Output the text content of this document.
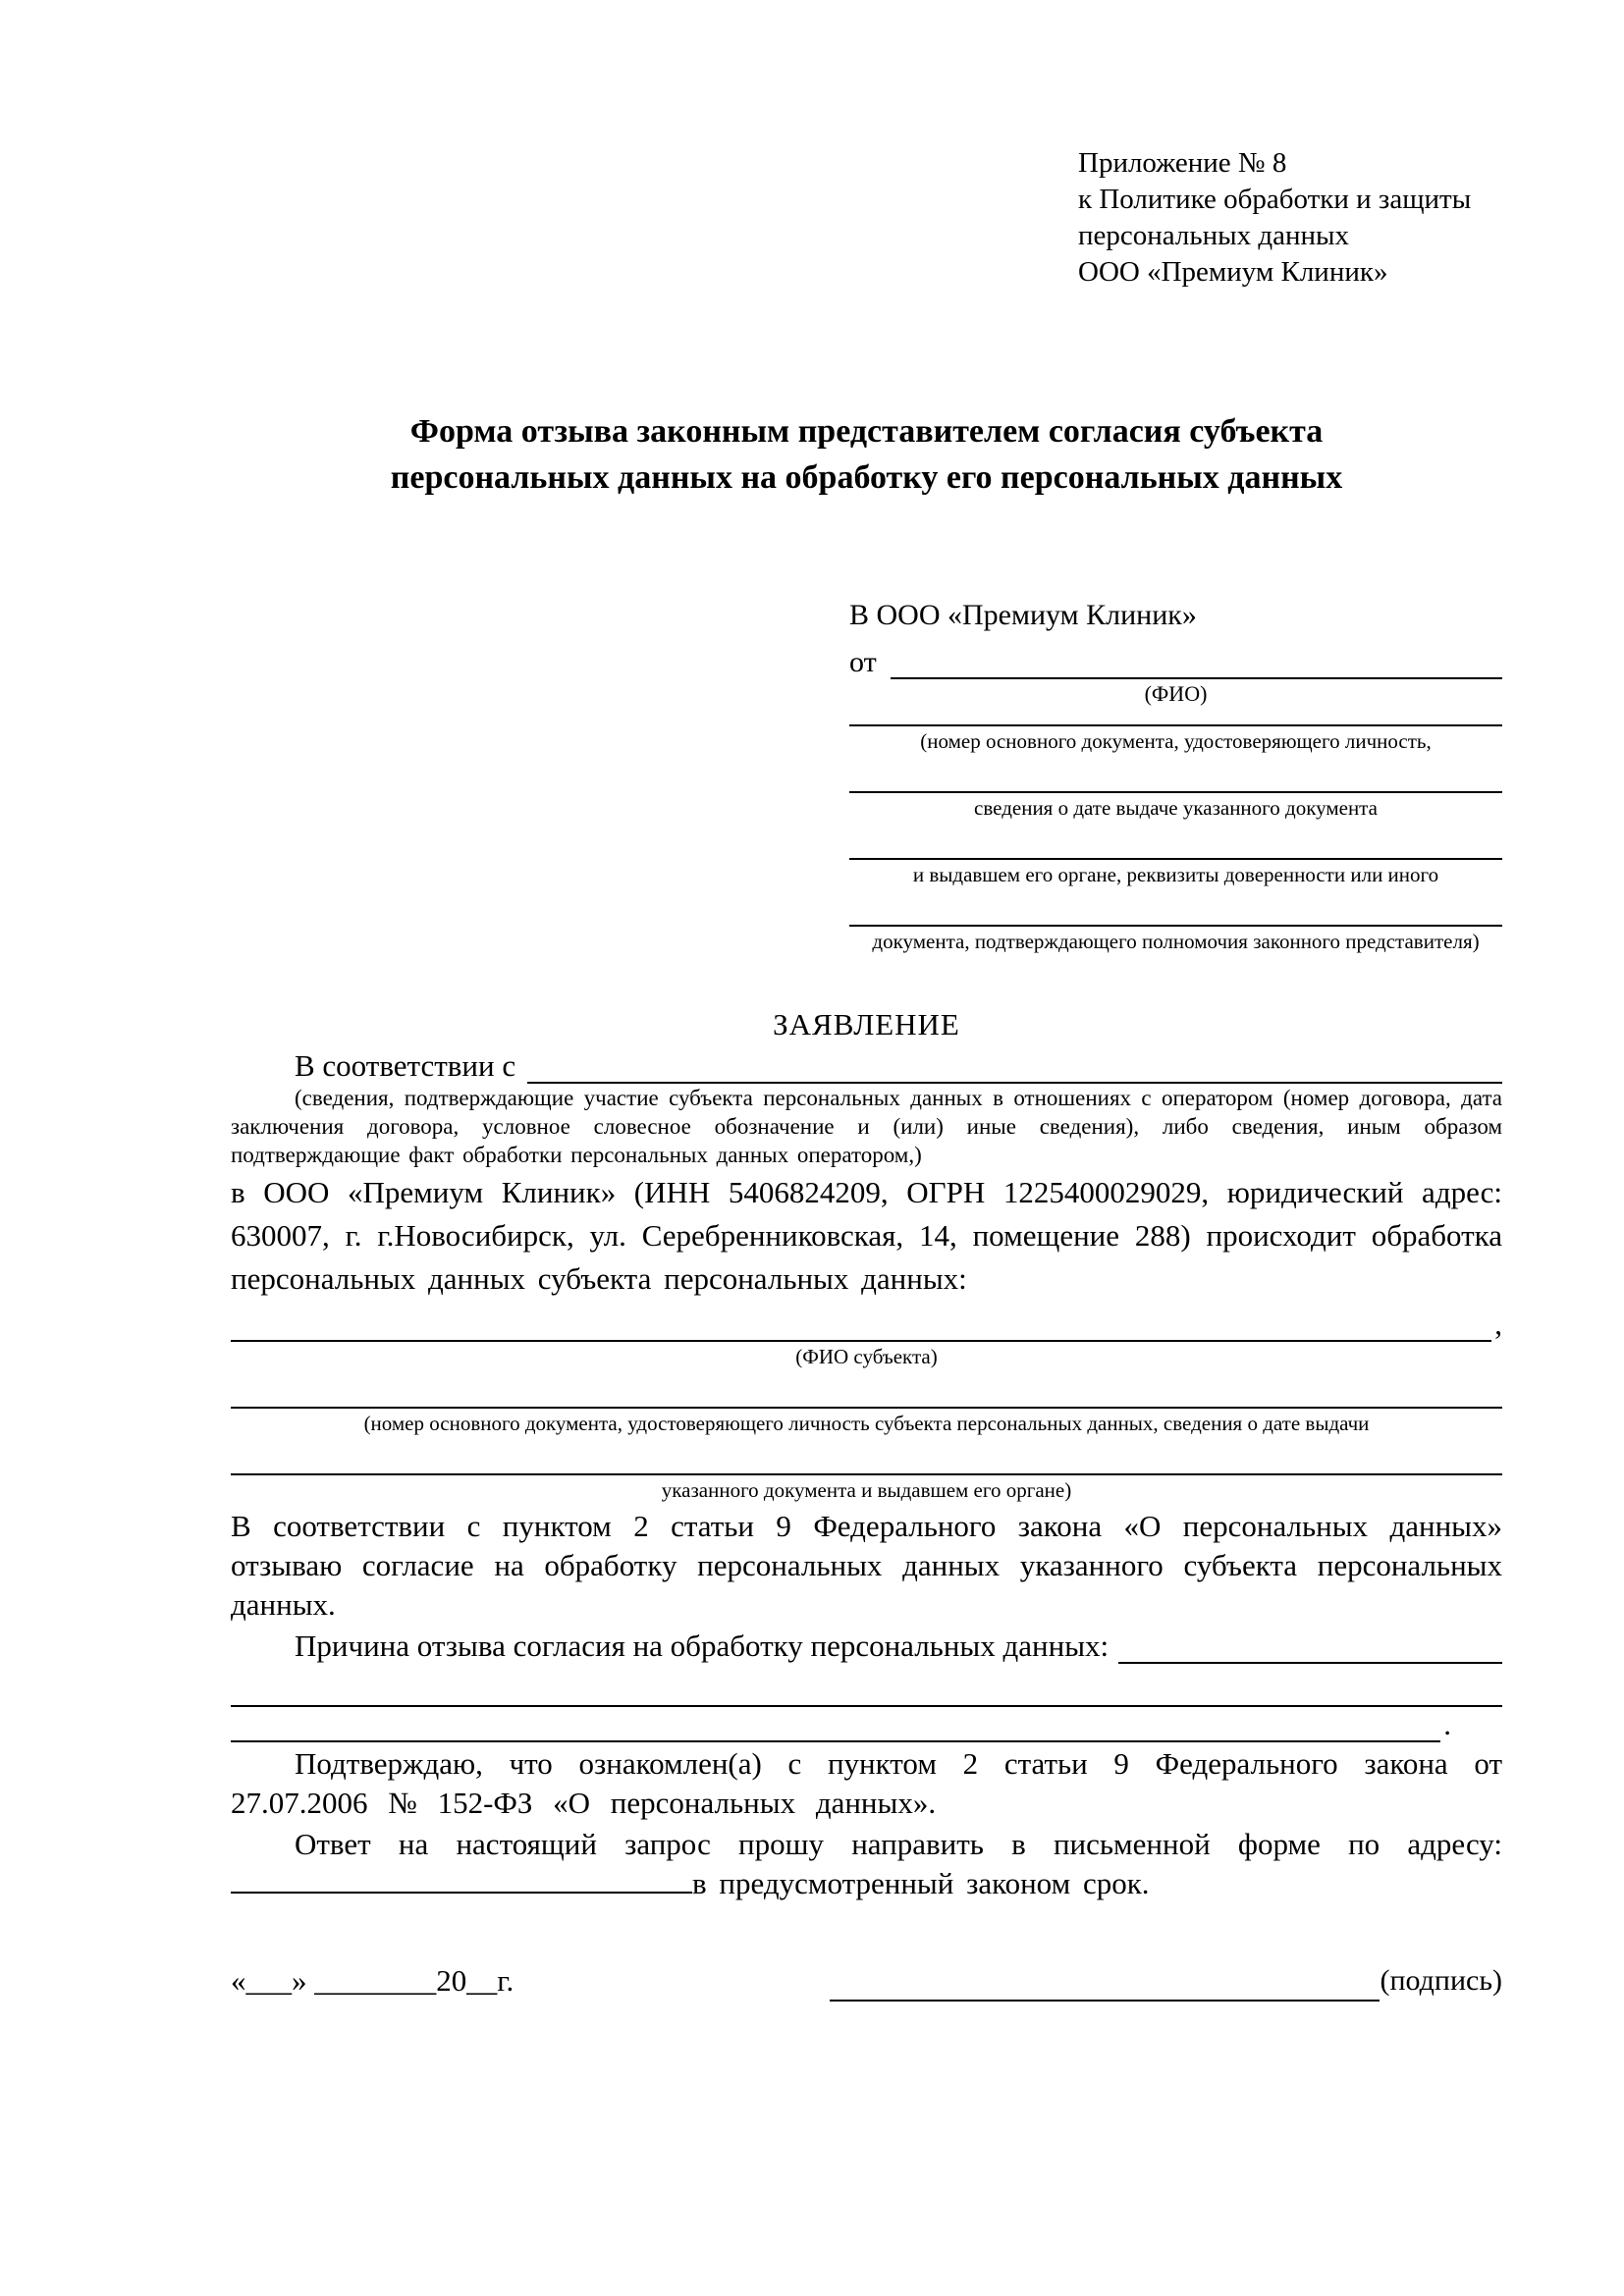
Приложение № 8
к Политике обработки и защиты
персональных данных
ООО «Премиум Клиник»
Форма отзыва законным представителем согласия субъекта персональных данных на обработку его персональных данных
В ООО «Премиум Клиник»
от
(ФИО)
(номер основного документа, удостоверяющего личность,
сведения о дате выдаче указанного документа
и выдавшем его органе, реквизиты доверенности или иного
документа, подтверждающего полномочия законного представителя)
ЗАЯВЛЕНИЕ
В соответствии с
(сведения, подтверждающие участие субъекта персональных данных в отношениях с оператором (номер договора, дата заключения договора, условное словесное обозначение и (или) иные сведения), либо сведения, иным образом подтверждающие факт обработки персональных данных оператором,)
в ООО «Премиум Клиник» (ИНН 5406824209, ОГРН 1225400029029, юридический адрес: 630007, г. г.Новосибирск, ул. Серебренниковская, 14, помещение 288) происходит обработка персональных данных субъекта персональных данных:
,
(ФИО субъекта)
(номер основного документа, удостоверяющего личность субъекта персональных данных, сведения о дате выдачи
указанного документа и выдавшем его органе)
В соответствии с пунктом 2 статьи 9 Федерального закона «О персональных данных» отзываю согласие на обработку персональных данных указанного субъекта персональных данных.
Причина отзыва согласия на обработку персональных данных:
.
Подтверждаю, что ознакомлен(а) с пунктом 2 статьи 9 Федерального закона от 27.07.2006 № 152-ФЗ «О персональных данных».
Ответ на настоящий запрос прошу направить в письменной форме по адресу: в предусмотренный законом срок.
«___» ________20__г.	(подпись)
